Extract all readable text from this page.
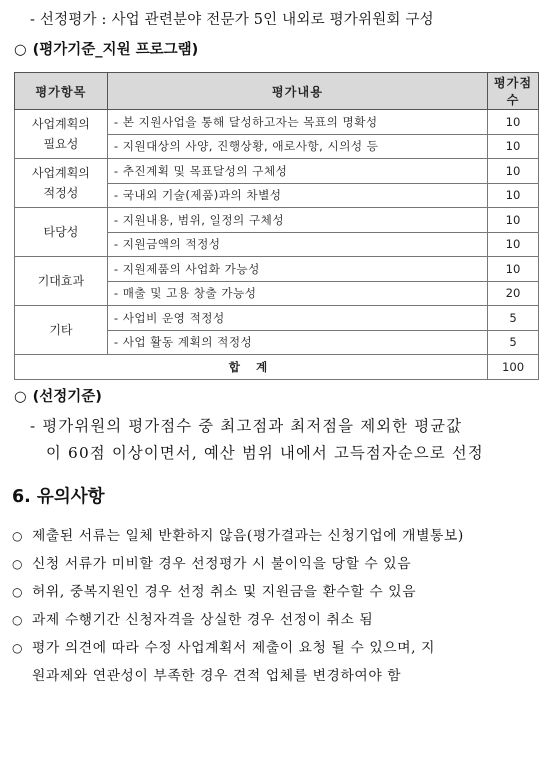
- 선정평가 : 사업 관련분야 전문가 5인 내외로 평가위원회 구성
○ (평가기준_지원 프로그램)
평가항목	평가내용	평가점수
사업계획의
필요성	- 본 지원사업을 통해 달성하고자는 목표의 명확성	10
	- 지원대상의 사양, 진행상황, 애로사항, 시의성 등	10
사업계획의
적정성	- 추진계획 및 목표달성의 구체성	10
	- 국내외 기술(제품)과의 차별성	10
타당성	- 지원내용, 범위, 일정의 구체성	10
	- 지원금액의 적정성	10
기대효과	- 지원제품의 사업화 가능성	10
	- 매출 및 고용 창출 가능성	20
기타	- 사업비 운영 적정성	5
	- 사업 활동 계획의 적정성	5
합 계		100
○ (선정기준)
- 평가위원의 평가점수 중 최고점과 최저점을 제외한 평균값
이 60점 이상이면서, 예산 범위 내에서 고득점자순으로 선정
6. 유의사항
○ 제출된 서류는 일체 반환하지 않음(평가결과는 신청기업에 개별통보)
○ 신청 서류가 미비할 경우 선정평가 시 불이익을 당할 수 있음
○ 허위, 중복지원인 경우 선정 취소 및 지원금을 환수할 수 있음
○ 과제 수행기간 신청자격을 상실한 경우 선정이 취소 됨
○ 평가 의견에 따라 수정 사업계획서 제출이 요청 될 수 있으며, 지
원과제와 연관성이 부족한 경우 견적 업체를 변경하여야 함
